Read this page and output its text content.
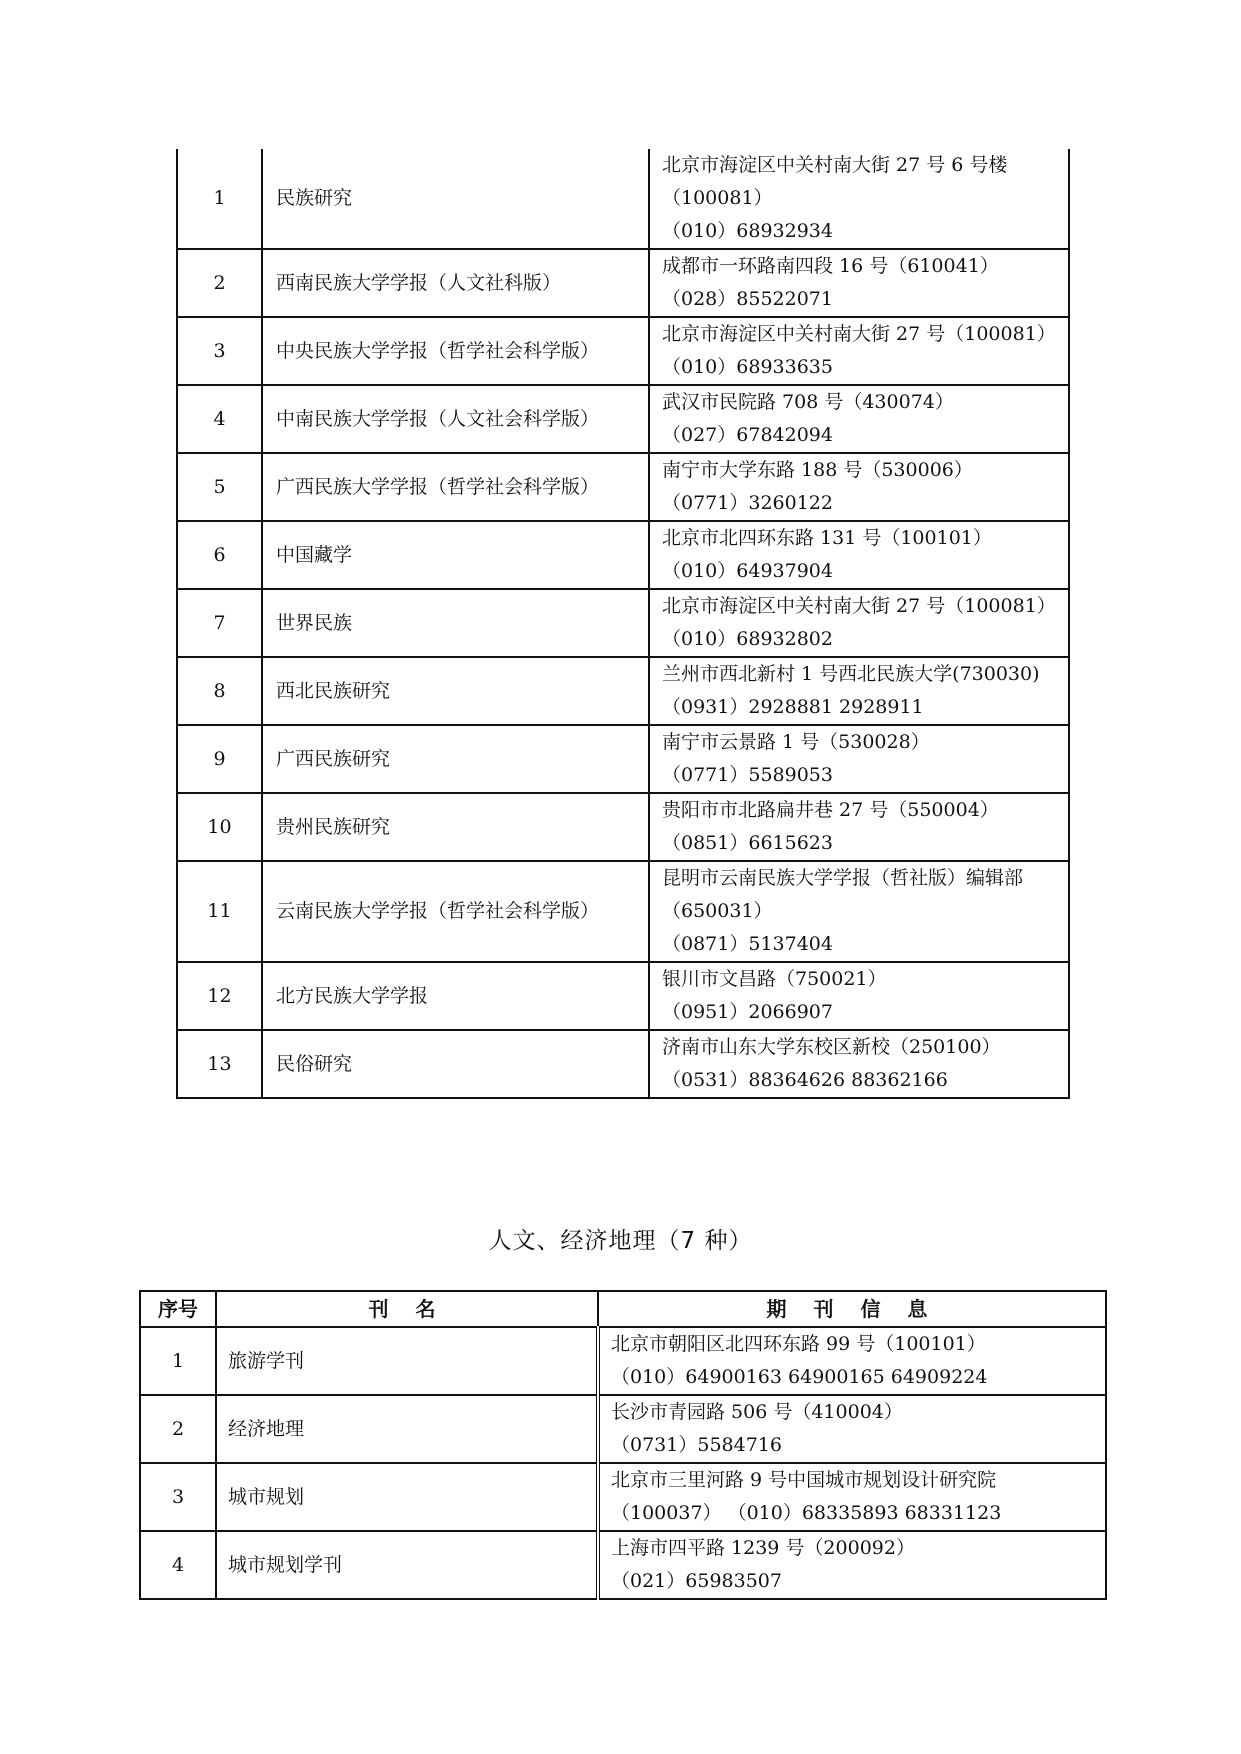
1	民族研究	北京市海淀区中关村南大街 27 号 6 号楼
（100081）
（010）68932934

2	西南民族大学学报（人文社科版）	成都市一环路南四段 16 号（610041）
（028）85522071

3	中央民族大学学报（哲学社会科学版）	北京市海淀区中关村南大街 27 号（100081）
（010）68933635

4	中南民族大学学报（人文社会科学版）	武汉市民院路 708 号（430074）
（027）67842094

5	广西民族大学学报（哲学社会科学版）	南宁市大学东路 188 号（530006）
（0771）3260122

6	中国藏学	北京市北四环东路 131 号（100101）
（010）64937904

7	世界民族	北京市海淀区中关村南大街 27 号（100081）
（010）68932802

8	西北民族研究	兰州市西北新村 1 号西北民族大学(730030)
（0931）2928881 2928911

9	广西民族研究	南宁市云景路 1 号（530028）
（0771）5589053

10	贵州民族研究	贵阳市市北路扁井巷 27 号（550004）
（0851）6615623

11	云南民族大学学报（哲学社会科学版）	昆明市云南民族大学学报（哲社版）编辑部
（650031）
（0871）5137404

12	北方民族大学学报	银川市文昌路（750021）
（0951）2066907

13	民俗研究	济南市山东大学东校区新校（250100）
（0531）88364626 88362166
人文、经济地理（7 种）
序号	刊 名	期 刊 信 息
1	旅游学刊	北京市朝阳区北四环东路 99 号（100101）
（010）64900163 64900165 64909224

2	经济地理	长沙市青园路 506 号（410004）
（0731）5584716

3	城市规划	北京市三里河路 9 号中国城市规划设计研究院
（100037） （010）68335893 68331123

4	城市规划学刊	上海市四平路 1239 号（200092）
（021）65983507
